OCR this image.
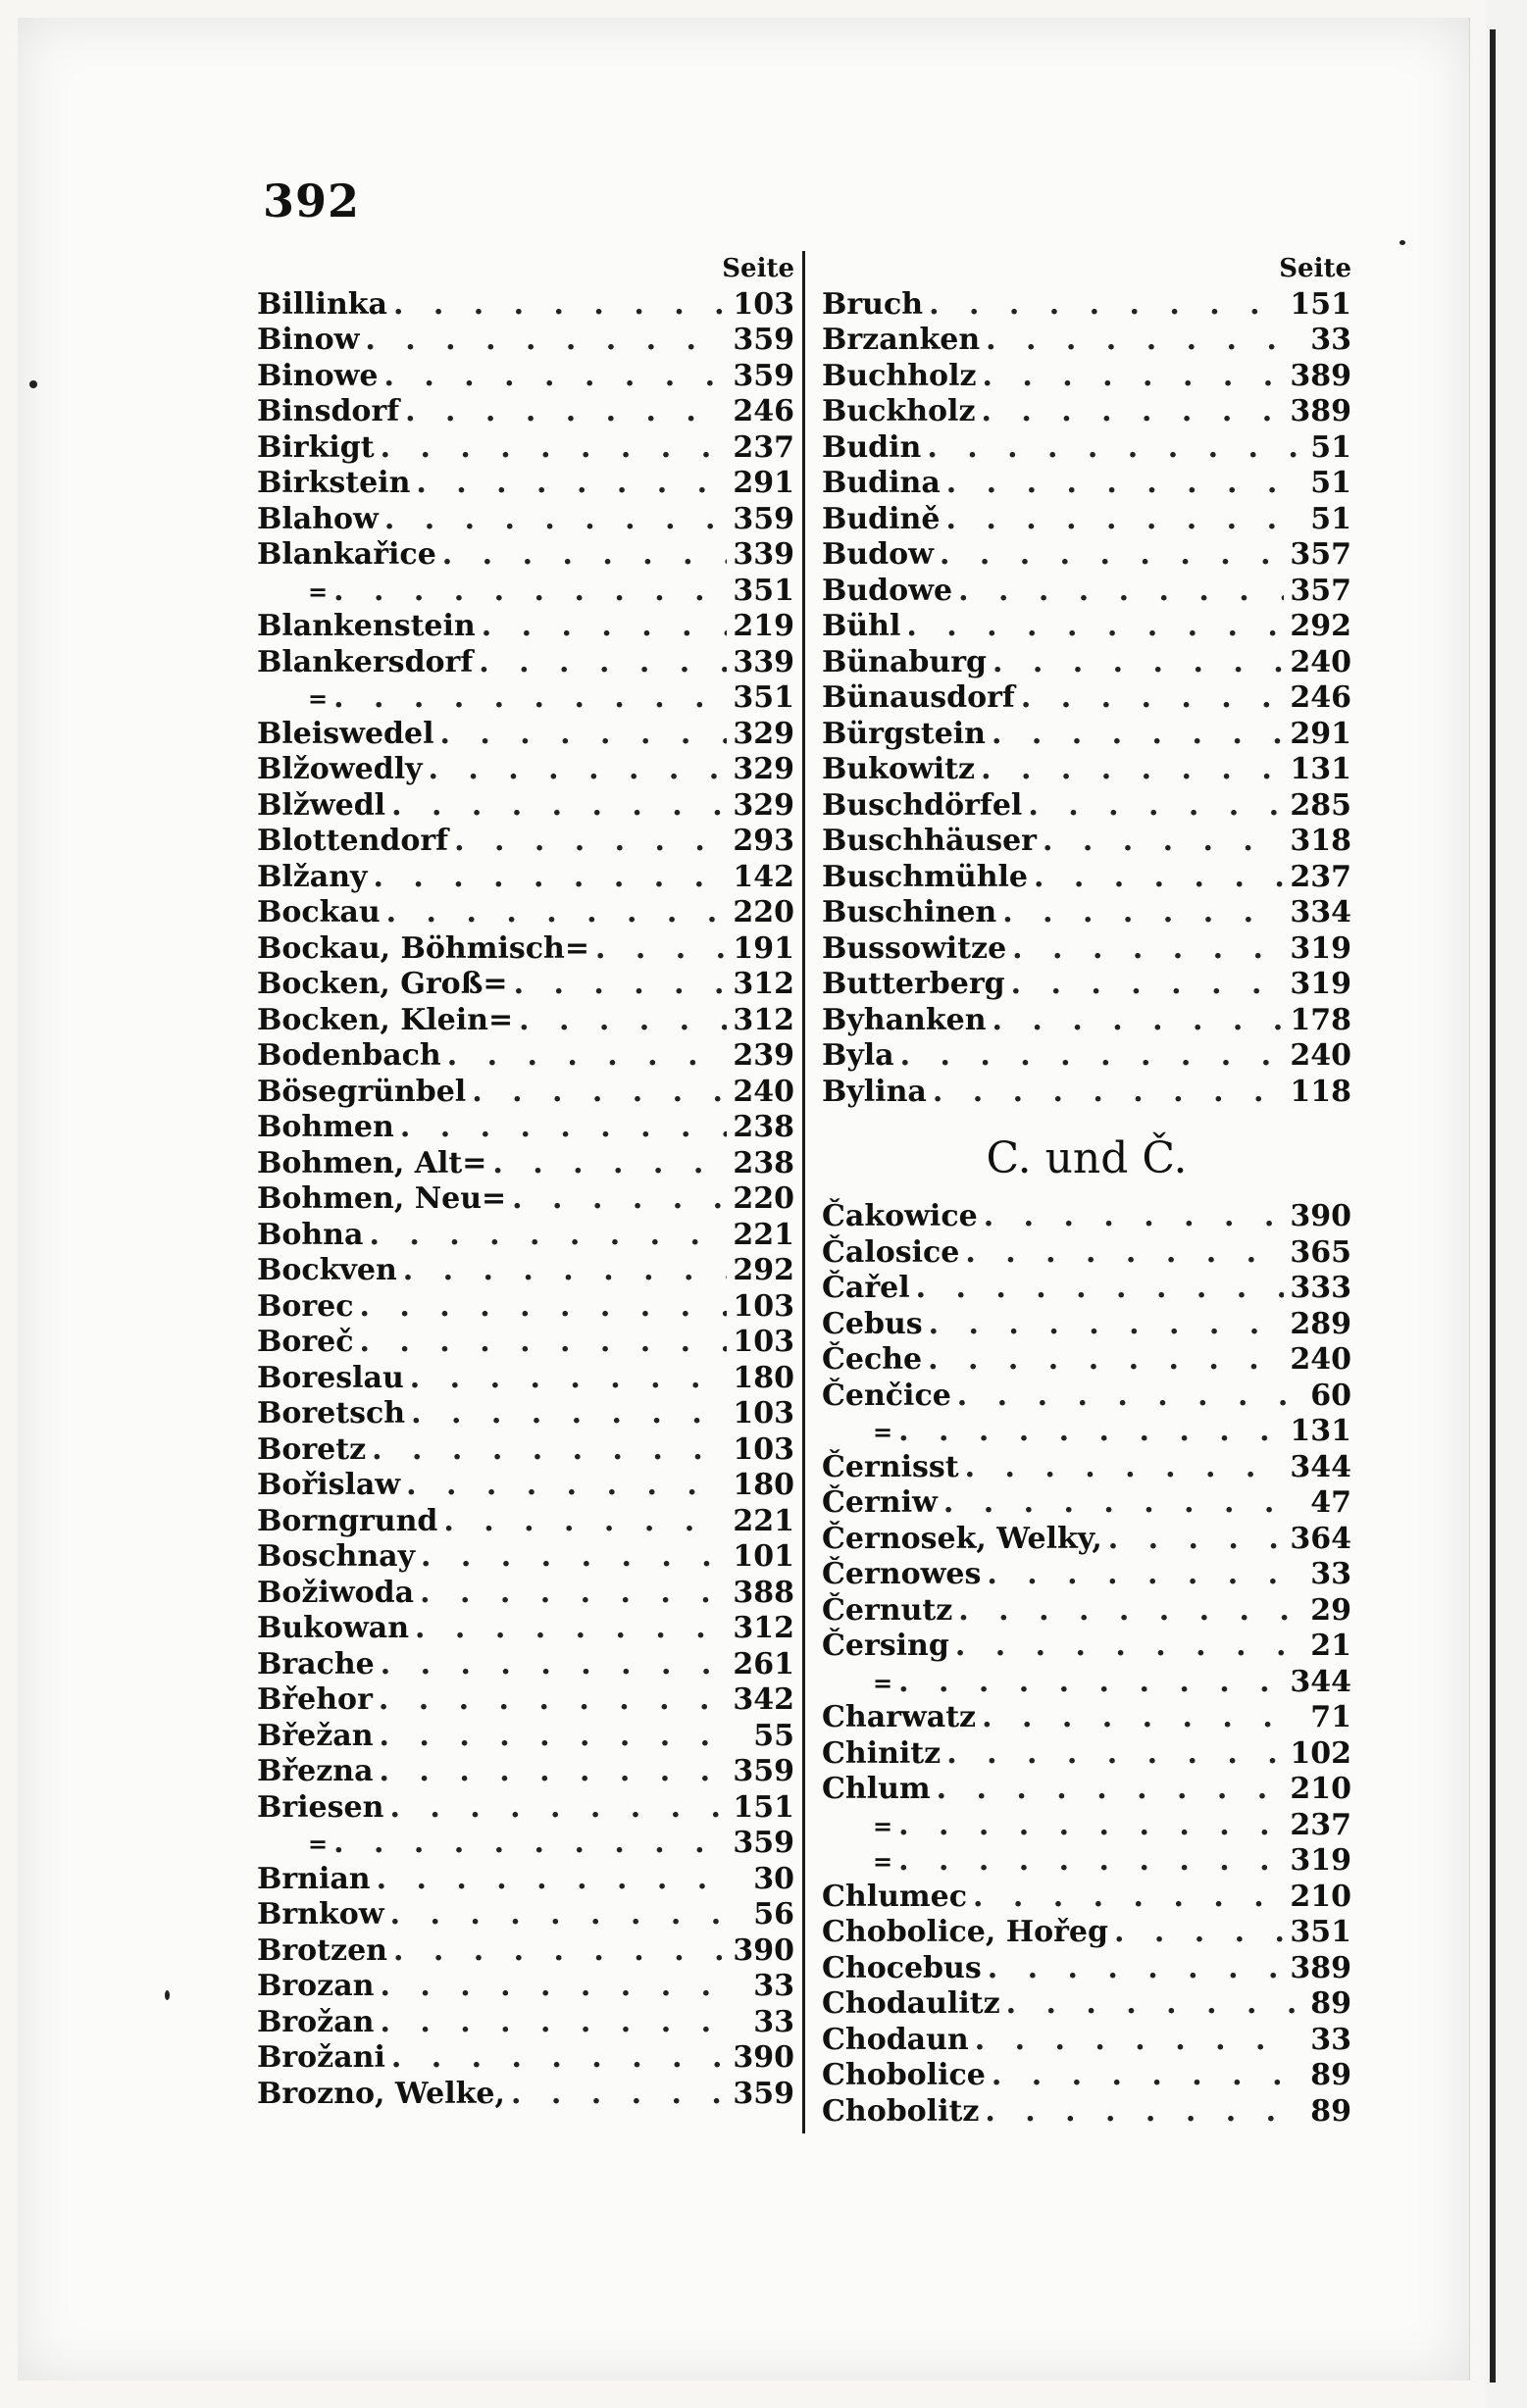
392
Seite
Billinka . . .	103
Binow . . .	359
Binowe . . .	359
Binsdorf . . .	246
Birkigt . . .	237
Birkstein . . .	291
Blahow . . .	359
Blankařice . . .	339
= . . .	351
Blankenstein . . .	219
Blankersdorf . . .	339
= . . .	351
Bleiswedel . . .	329
Blžowedly . . .	329
Blžwedl . . .	329
Blottendorf . . .	293
Blžany . . .	142
Bockau . . .	220
Bockau, Böhmisch= . . .	191
Bocken, Groß= . . .	312
Bocken, Klein= . . .	312
Bodenbach . . .	239
Bösegrünbel . . .	240
Bohmen . . .	238
Bohmen, Alt= . . .	238
Bohmen, Neu= . . .	220
Bohna . . .	221
Bockven . . .	292
Borec . . .	103
Boreč . . .	103
Boreslau . . .	180
Boretsch . . .	103
Boretz . . .	103
Bořislaw . . .	180
Borngrund . . .	221
Boschnay . . .	101
Božiwoda . . .	388
Bukowan . . .	312
Brache . . .	261
Břehor . . .	342
Břežan . . .	55
Března . . .	359
Briesen . . .	151
= . . .	359
Brnian . . .	30
Brnkow . . .	56
Brotzen . . .	390
Brozan . . .	33
Brožan . . .	33
Brožani . . .	390
Brozno, Welke, . . .	359
Seite
Bruch . . .	151
Brzanken . . .	33
Buchholz . . .	389
Buckholz . . .	389
Budin . . .	51
Budina . . .	51
Budině . . .	51
Budow . . .	357
Budowe . . .	357
Bühl . . .	292
Bünaburg . . .	240
Bünausdorf . . .	246
Bürgstein . . .	291
Bukowitz . . .	131
Buschdörfel . . .	285
Buschhäuser . . .	318
Buschmühle . . .	237
Buschinen . . .	334
Bussowitze . . .	319
Butterberg . . .	319
Byhanken . . .	178
Byla . . .	240
Bylina . . .	118
C. und Č.
Čakowice . . .	390
Čalosice . . .	365
Čařel . . .	333
Cebus . . .	289
Čeche . . .	240
Čenčice . . .	60
= . . .	131
Černisst . . .	344
Černiw . . .	47
Černosek, Welky, . . .	364
Černowes . . .	33
Černutz . . .	29
Čersing . . .	21
= . . .	344
Charwatz . . .	71
Chinitz . . .	102
Chlum . . .	210
= . . .	237
= . . .	319
Chlumec . . .	210
Chobolice, Hořeg . . .	351
Chocebus . . .	389
Chodaulitz . . .	89
Chodaun . . .	33
Chobolice . . .	89
Chobolitz . . .	89
